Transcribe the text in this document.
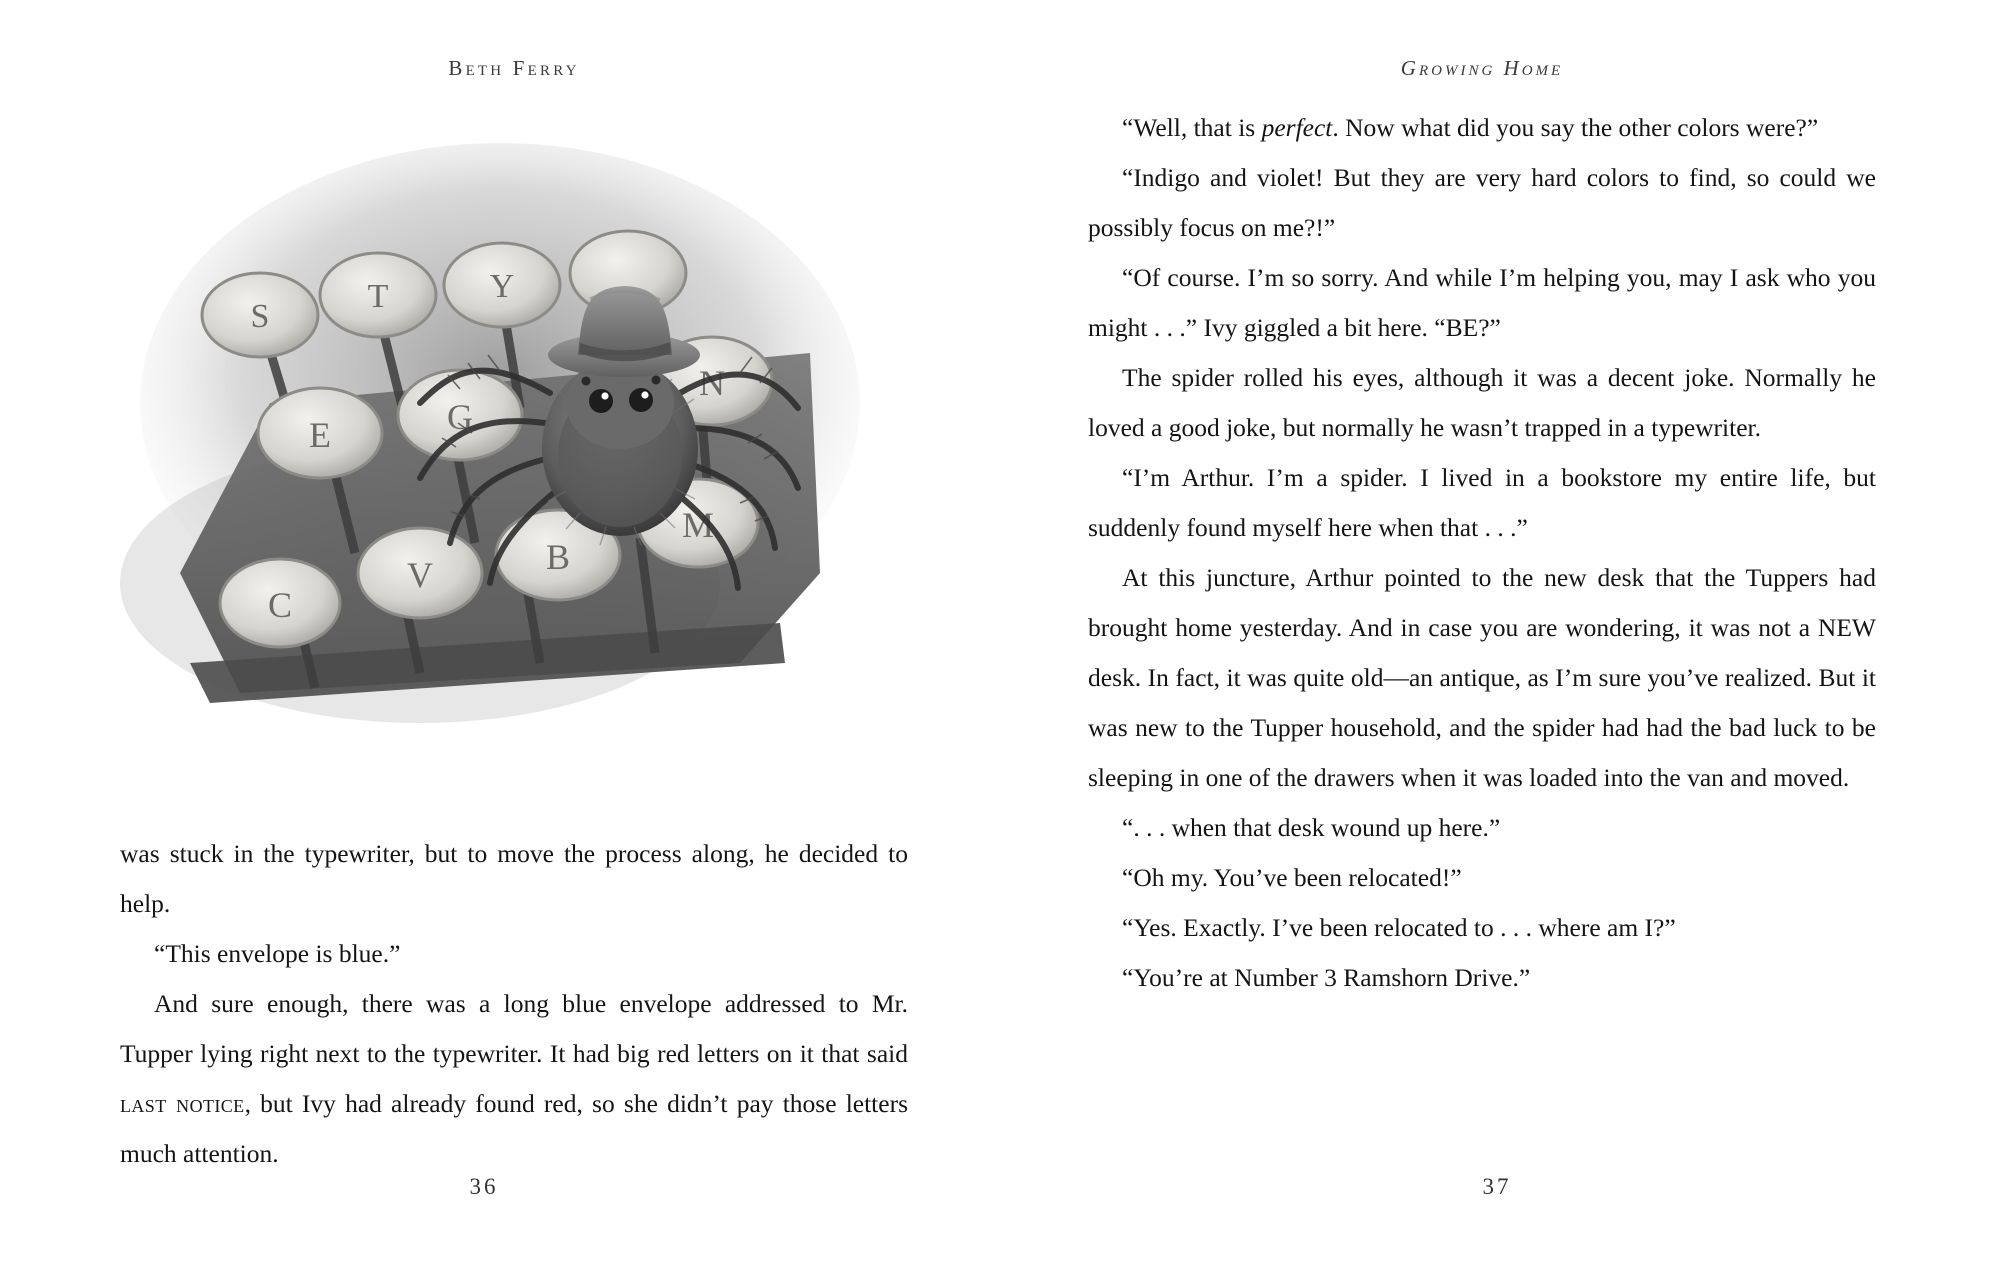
Beth Ferry
S
T	Y
E	G
N
C
V	B
M

was stuck in the typewriter, but to move the process along, he decided to help.

“This envelope is blue.”

And sure enough, there was a long blue envelope addressed to Mr. Tupper lying right next to the typewriter. It had big red letters on it that said last notice, but Ivy had already found red, so she didn’t pay those letters much attention.

36
Growing Home

“Well, that is perfect. Now what did you say the other colors were?”

“Indigo and violet! But they are very hard colors to find, so could we possibly focus on me?!”

“Of course. I’m so sorry. And while I’m helping you, may I ask who you might . . .” Ivy giggled a bit here. “BE?”

The spider rolled his eyes, although it was a decent joke. Normally he loved a good joke, but normally he wasn’t trapped in a typewriter.

“I’m Arthur. I’m a spider. I lived in a bookstore my entire life, but suddenly found myself here when that . . .”

At this juncture, Arthur pointed to the new desk that the Tuppers had brought home yesterday. And in case you are wondering, it was not a NEW desk. In fact, it was quite old—an antique, as I’m sure you’ve realized. But it was new to the Tupper household, and the spider had had the bad luck to be sleeping in one of the drawers when it was loaded into the van and moved.

“. . . when that desk wound up here.”

“Oh my. You’ve been relocated!”

“Yes. Exactly. I’ve been relocated to . . . where am I?”

“You’re at Number 3 Ramshorn Drive.”

37
